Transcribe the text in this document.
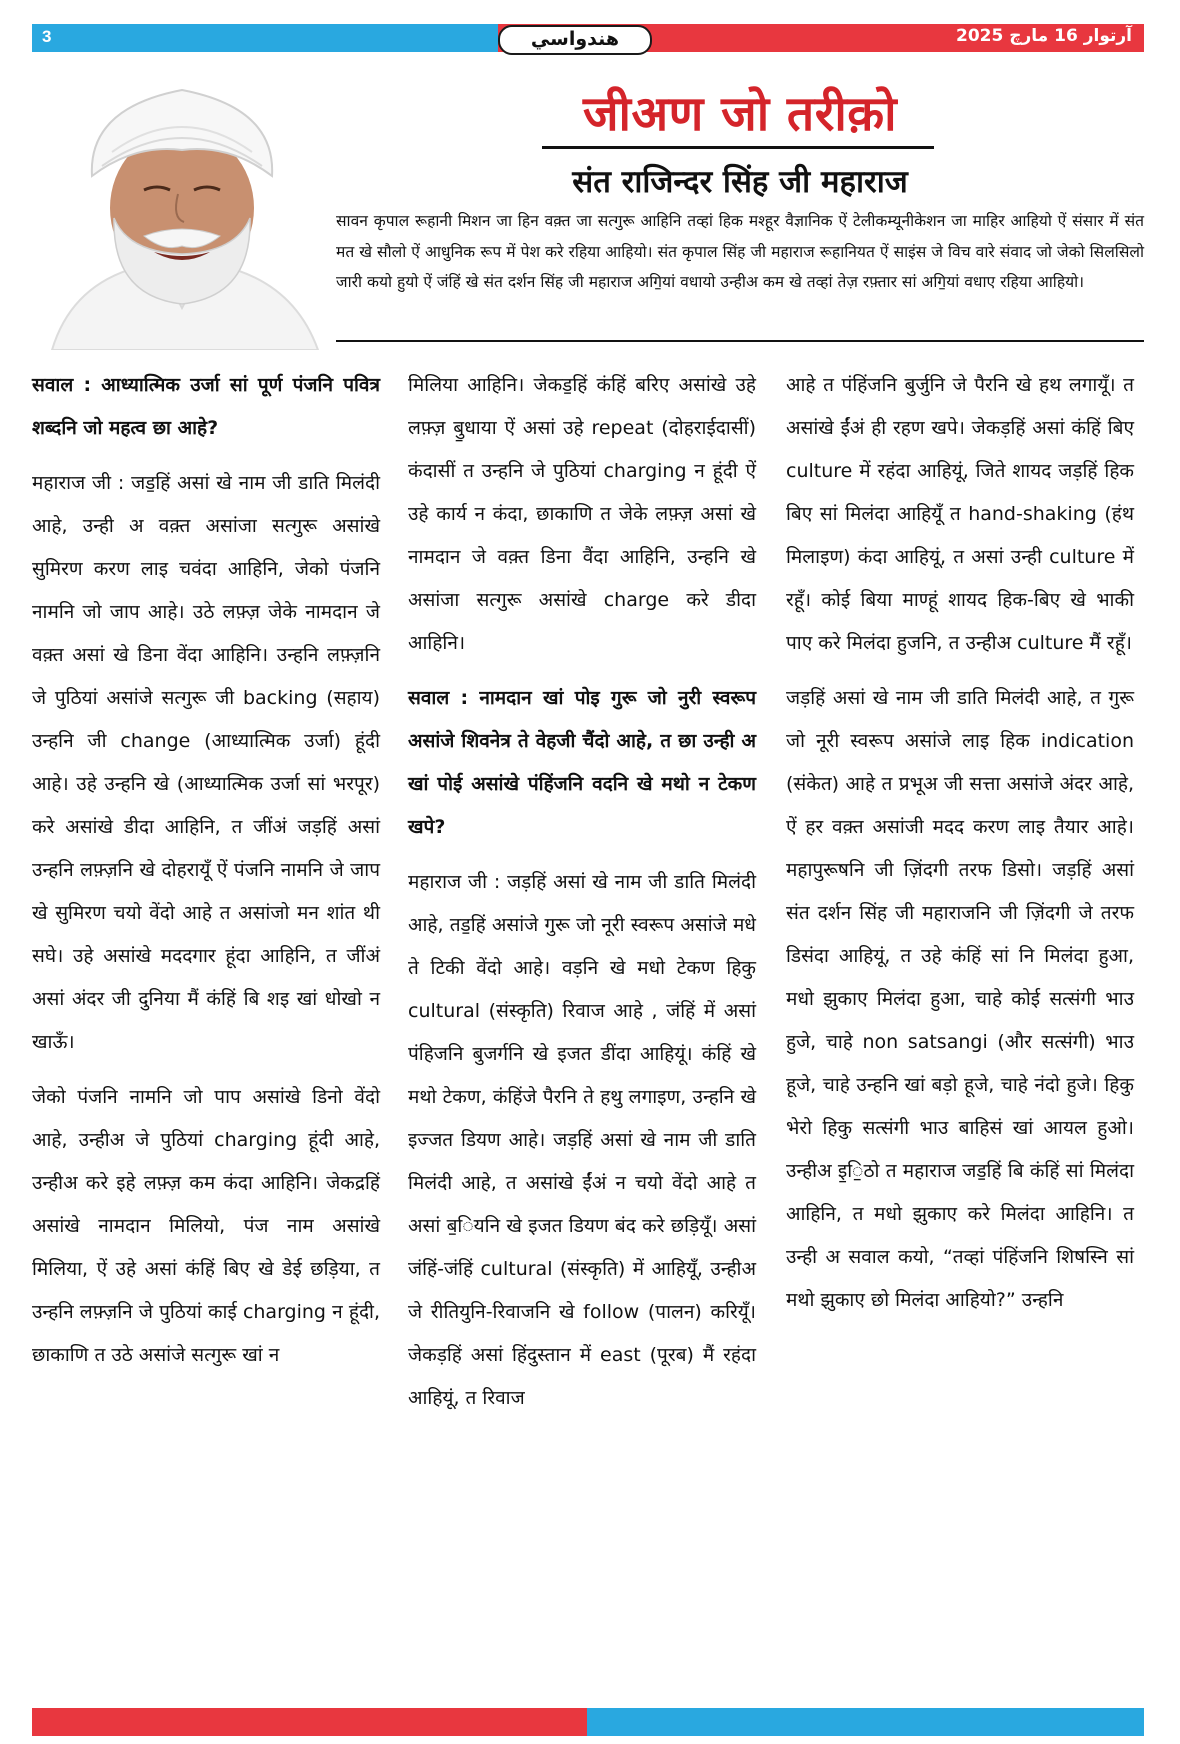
3	آرتوار 16 مارچ 2025
هندواسي
जीअण जो तरीक़ो
संत राजिन्दर सिंह जी महाराज
सावन कृपाल रूहानी मिशन जा हिन वक़्त जा सत्गुरू आहिनि तव्हां हिक मश्हूर वैज्ञानिक ऐं टेलीकम्यूनीकेशन जा माहिर आहियो ऐं संसार में संत मत खे सौलो ऐं आधुनिक रूप में पेश करे रहिया आहियो। संत कृपाल सिंह जी महाराज रूहानियत ऐं साइंस जे विच वारे संवाद जो जेको सिलसिलो जारी कयो हुयो ऐं जंहिं खे संत दर्शन सिंह जी महाराज अगि॒यां वधायो उन्हीअ कम खे तव्हां तेज़ रफ़्तार सां अगि॒यां वधाए रहिया आहियो।

सवाल : आध्यात्मिक उर्जा सां पूर्ण पंजनि पवित्र शब्दनि जो महत्व छा आहे?

महाराज जी : जड॒हिं असां खे नाम जी डाति मिलंदी आहे, उन्ही अ वक़्त असांजा सत्गुरू असांखे सुमिरण करण लाइ चवंदा आहिनि, जेको पंजनि नामनि जो जाप आहे। उठे लफ़्ज़ जेके नामदान जे वक़्त असां खे डिना वेंदा आहिनि। उन्हनि लफ़्ज़नि जे पुठियां असांजे सत्गुरू जी backing (सहाय) उन्हनि जी change (आध्यात्मिक उर्जा) हूंदी आहे। उहे उन्हनि खे (आध्यात्मिक उर्जा सां भरपूर) करे असांखे डीदा आहिनि, त जींअं जड़हिं असां उन्हनि लफ़्ज़नि खे दोहरायूँ ऐं पंजनि नामनि जे जाप खे सुमिरण चयो वेंदो आहे त असांजो मन शांत थी सघे। उहे असांखे मददगार हूंदा आहिनि, त जींअं असां अंदर जी दुनिया मैं कंहिं बि शइ खां धोखो न खाऊँ।

जेको पंजनि नामनि जो पाप असांखे डिनो वेंदो आहे, उन्हीअ जे पुठियां charging हूंदी आहे, उन्हीअ करे इहे लफ़्ज़ कम कंदा आहिनि। जेकद्रहिं असांखे नामदान मिलियो, पंज नाम असांखे मिलिया, ऐं उहे असां कंहिं बिए खे डेई छड़िया, त उन्हनि लफ़्ज़नि जे पुठियां काई charging न हूंदी, छाकाणि त उठे असांजे सत्गुरू खां न

मिलिया आहिनि। जेकड॒हिं कंहिं बरिए असांखे उहे लफ़्ज़ बु॒धाया ऐं असां उहे repeat (दोहराईदासीं) कंदासीं त उन्हनि जे पुठियां charging न हूंदी ऐं उहे कार्य न कंदा, छाकाणि त जेके लफ़्ज़ असां खे नामदान जे वक़्त डिना वैंदा आहिनि, उन्हनि खे असांजा सत्गुरू असांखे charge करे डीदा आहिनि।

सवाल : नामदान खां पोइ गुरू जो नुरी स्वरूप असांजे शिवनेत्र ते वेहजी चैंदो आहे, त छा उन्ही अ खां पोई असांखे पंहिंजनि वदनि खे मथो न टेकण खपे?

महाराज जी : जड़हिं असां खे नाम जी डाति मिलंदी आहे, तड॒हिं असांजे गुरू जो नूरी स्वरूप असांजे मधे ते टिकी वेंदो आहे। वड़नि खे मधो टेकण हिकु cultural (संस्कृति) रिवाज आहे , जंहिं में असां पंहिजनि बुजर्गनि खे इजत डींदा आहियूं। कंहिं खे मथो टेकण, कंहिंजे पैरनि ते हथु लगाइण, उन्हनि खे इज्जत डियण आहे। जड़हिं असां खे नाम जी डाति मिलंदी आहे, त असांखे ईंअं न चयो वेंदो आहे त असां ब॒ियनि खे इजत डियण बंद करे छड़ियूँ। असां जंहिं-जंहिं cultural (संस्कृति) में आहियूँ, उन्हीअ जे रीतियुनि-रिवाजनि खे follow (पालन) करियूँ। जेकड़हिं असां हिंदुस्तान में east (पूरब) मैं रहंदा आहियूं, त रिवाज

आहे त पंहिंजनि बुर्जुनि जे पैरनि खे हथ लगायूँ। त असांखे ईंअं ही रहण खपे। जेकड़हिं असां कंहिं बिए culture में रहंदा आहियूं, जिते शायद जड़हिं हिक बिए सां मिलंदा आहियूँ त hand-shaking (हंथ मिलाइण) कंदा आहियूं, त असां उन्ही culture में रहूँ। कोई बिया माण्हूं शायद हिक-बिए खे भाकी पाए करे मिलंदा हुजनि, त उन्हीअ culture मैं रहूँ।

जड़हिं असां खे नाम जी डाति मिलंदी आहे, त गुरू जो नूरी स्वरूप असांजे लाइ हिक indication (संकेत) आहे त प्रभूअ जी सत्ता असांजे अंदर आहे, ऐं हर वक़्त असांजी मदद करण लाइ तैयार आहे। महापुरूषनि जी ज़िंदगी तरफ डिसो। जड़हिं असां संत दर्शन सिंह जी महाराजनि जी ज़िंदगी जे तरफ डिसंदा आहियूं, त उहे कंहिं सां नि मिलंदा हुआ, मधो झुकाए मिलंदा हुआ, चाहे कोई सत्संगी भाउ हुजे, चाहे non satsangi (और सत्संगी) भाउ हूजे, चाहे उन्हनि खां बड़ो हूजे, चाहे नंदो हुजे। हिकु भेरो हिकु सत्संगी भाउ बाहिसं खां आयल हुओ। उन्हीअ इ॒ि॒ठो त महाराज जड॒हिं बि कंहिं सां मिलंदा आहिनि, त मधो झुकाए करे मिलंदा आहिनि। त उन्ही अ सवाल कयो, “तव्हां पंहिंजनि शिषस्नि सां मथो झुकाए छो मिलंदा आहियो?” उन्हनि
